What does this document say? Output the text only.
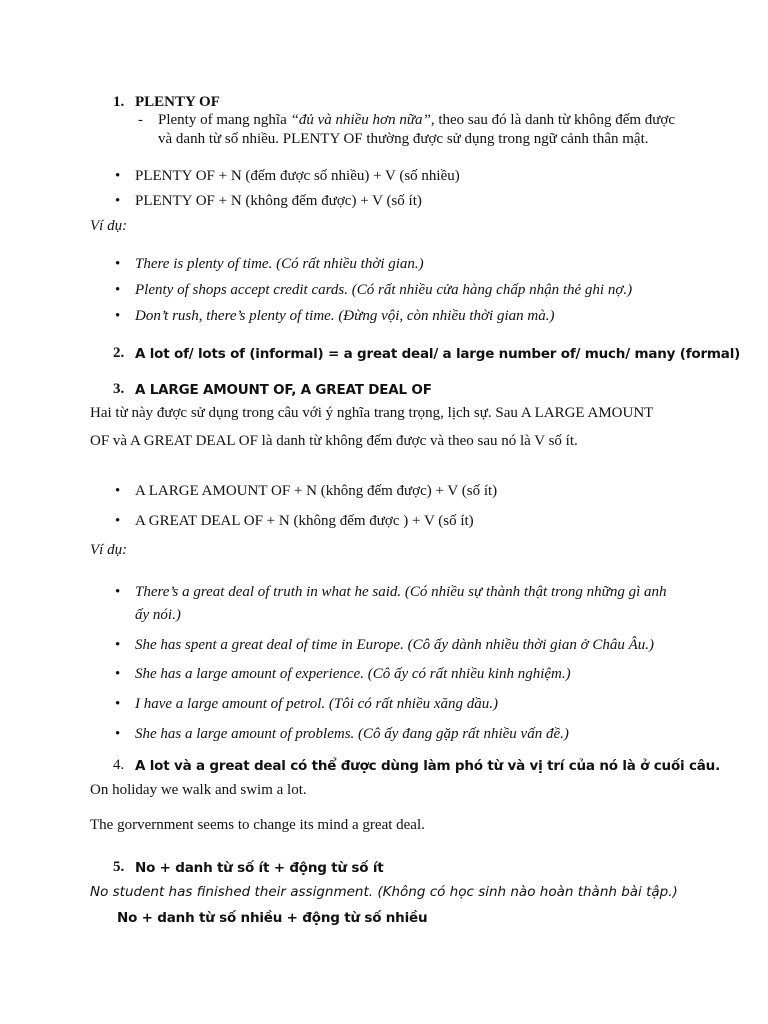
1. PLENTY OF
- Plenty of mang nghĩa “đủ và nhiều hơn nữa”, theo sau đó là danh từ không đếm được
và danh từ số nhiều. PLENTY OF thường được sử dụng trong ngữ cảnh thân mật.
• PLENTY OF + N (đếm được số nhiều) + V (số nhiều)
• PLENTY OF + N (không đếm được) + V (số ít)
Ví dụ:
• There is plenty of time. (Có rất nhiều thời gian.)
• Plenty of shops accept credit cards. (Có rất nhiều cửa hàng chấp nhận thẻ ghi nợ.)
• Don’t rush, there’s plenty of time. (Đừng vội, còn nhiều thời gian mà.)
2. A lot of/ lots of (informal) = a great deal/ a large number of/ much/ many (formal)
3. A LARGE AMOUNT OF, A GREAT DEAL OF
Hai từ này được sử dụng trong câu với ý nghĩa trang trọng, lịch sự. Sau A LARGE AMOUNT
OF và A GREAT DEAL OF là danh từ không đếm được và theo sau nó là V số ít.
• A LARGE AMOUNT OF + N (không đếm được) + V (số ít)
• A GREAT DEAL OF + N (không đếm được ) + V (số ít)
Ví dụ:
• There’s a great deal of truth in what he said. (Có nhiều sự thành thật trong những gì anh
ấy nói.)
• She has spent a great deal of time in Europe. (Cô ấy dành nhiều thời gian ở Châu Âu.)
• She has a large amount of experience. (Cô ấy có rất nhiều kinh nghiệm.)
• I have a large amount of petrol. (Tôi có rất nhiều xăng dầu.)
• She has a large amount of problems. (Cô ấy đang gặp rất nhiều vấn đề.)
4. A lot và a great deal có thể được dùng làm phó từ và vị trí của nó là ở cuối câu.
On holiday we walk and swim a lot.
The gorvernment seems to change its mind a great deal.
5. No + danh từ số ít + động từ số ít
No student has finished their assignment. (Không có học sinh nào hoàn thành bài tập.)
No + danh từ số nhiều + động từ số nhiều
